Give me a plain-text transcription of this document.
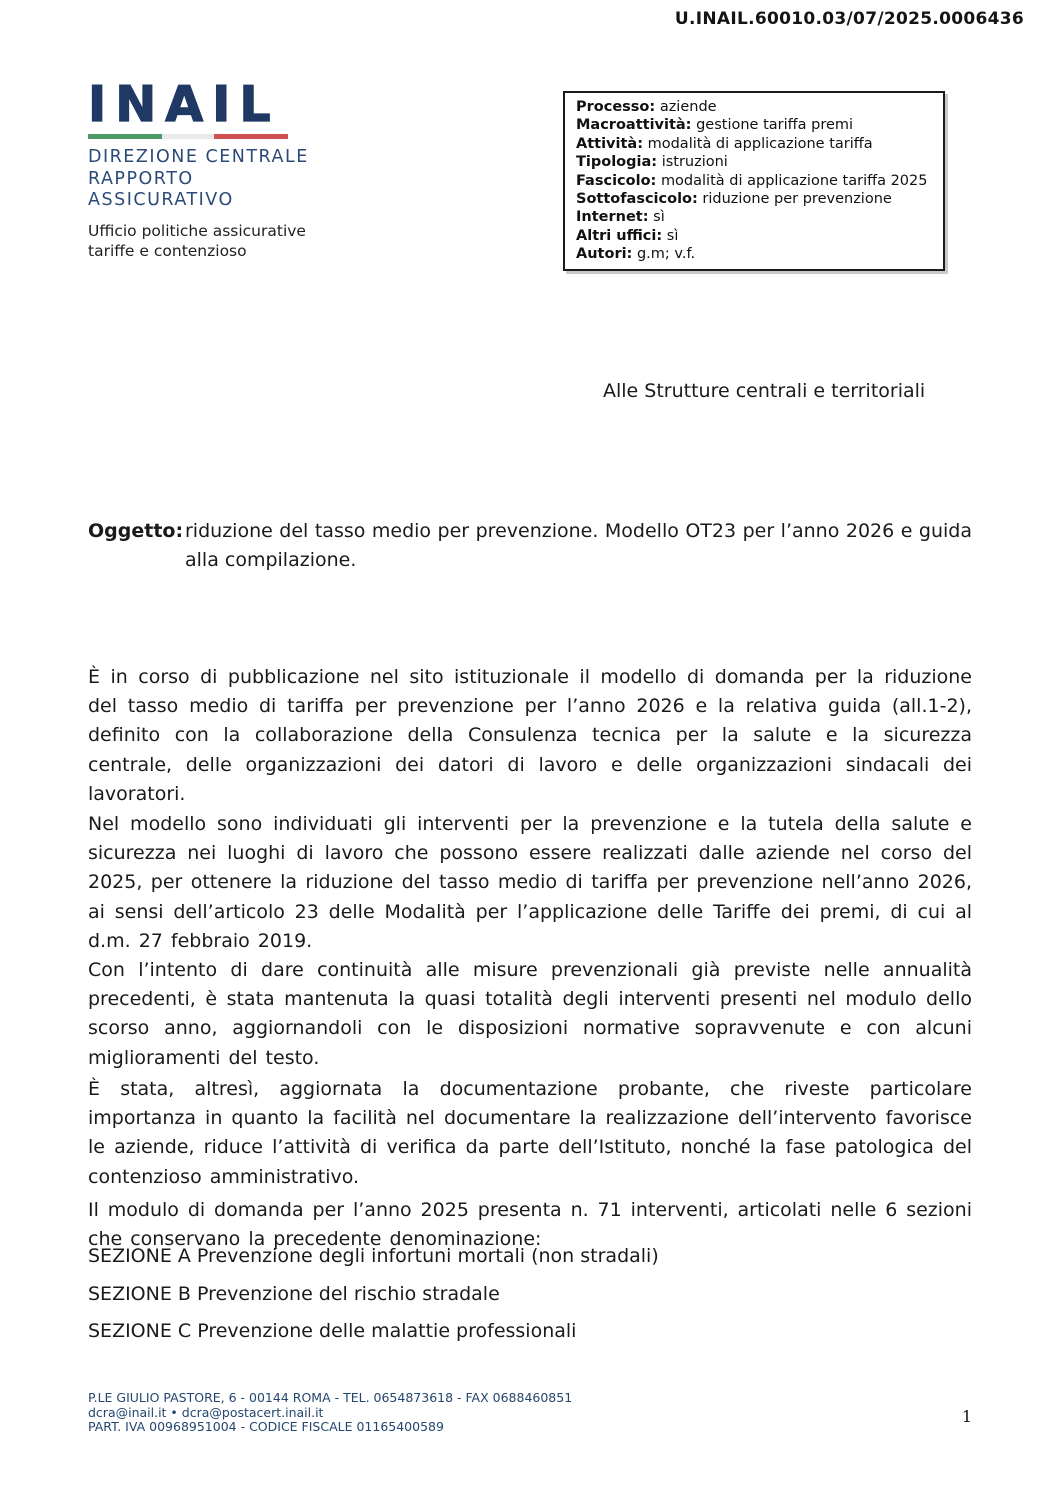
U.INAIL.60010.03/07/2025.0006436
INAIL
DIREZIONE CENTRALE
RAPPORTO
ASSICURATIVO
Ufficio politiche assicurative
tariffe e contenzioso
Processo: aziende
Macroattività: gestione tariffa premi
Attività: modalità di applicazione tariffa
Tipologia: istruzioni
Fascicolo: modalità di applicazione tariffa 2025
Sottofascicolo: riduzione per prevenzione
Internet: sì
Altri uffici: sì
Autori: g.m; v.f.
Alle Strutture centrali e territoriali
Oggetto: riduzione del tasso medio per prevenzione. Modello OT23 per l’anno 2026 e guida alla compilazione.

È in corso di pubblicazione nel sito istituzionale il modello di domanda per la riduzione del tasso medio di tariffa per prevenzione per l’anno 2026 e la relativa guida (all.1-2), definito con la collaborazione della Consulenza tecnica per la salute e la sicurezza centrale, delle organizzazioni dei datori di lavoro e delle organizzazioni sindacali dei lavoratori.

Nel modello sono individuati gli interventi per la prevenzione e la tutela della salute e sicurezza nei luoghi di lavoro che possono essere realizzati dalle aziende nel corso del 2025, per ottenere la riduzione del tasso medio di tariffa per prevenzione nell’anno 2026, ai sensi dell’articolo 23 delle Modalità per l’applicazione delle Tariffe dei premi, di cui al d.m. 27 febbraio 2019.

Con l’intento di dare continuità alle misure prevenzionali già previste nelle annualità precedenti, è stata mantenuta la quasi totalità degli interventi presenti nel modulo dello scorso anno, aggiornandoli con le disposizioni normative sopravvenute e con alcuni miglioramenti del testo.

È stata, altresì, aggiornata la documentazione probante, che riveste particolare importanza in quanto la facilità nel documentare la realizzazione dell’intervento favorisce le aziende, riduce l’attività di verifica da parte dell’Istituto, nonché la fase patologica del contenzioso amministrativo.

Il modulo di domanda per l’anno 2025 presenta n. 71 interventi, articolati nelle 6 sezioni che conservano la precedente denominazione:

SEZIONE A Prevenzione degli infortuni mortali (non stradali)
SEZIONE B Prevenzione del rischio stradale
SEZIONE C Prevenzione delle malattie professionali
P.LE GIULIO PASTORE, 6 - 00144 ROMA - TEL. 0654873618 - FAX 0688460851
dcra@inail.it • dcra@postacert.inail.it
PART. IVA 00968951004 - CODICE FISCALE 01165400589
1
